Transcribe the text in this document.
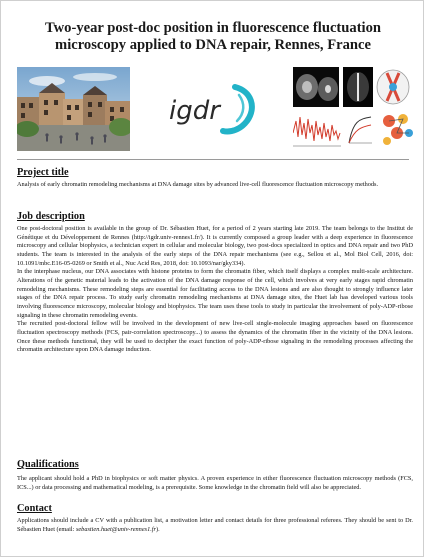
Two-year post-doc position in fluorescence fluctuation
microscopy applied to DNA repair, Rennes, France
igdr
Project title

Analysis of early chromatin remodeling mechanisms at DNA damage sites by advanced live-cell fluorescence fluctuation microscopy methods.

Job description

One post-doctoral position is available in the group of Dr. Sébastien Huet, for a period of 2 years starting late 2019. The team belongs to the Institut de Génétique et du Développement de Rennes (http://igdr.univ-rennes1.fr/). It is currently composed a group leader with a deep experience in fluorescence microscopy and cellular biophysics, a technician expert in cellular and molecular biology, two post-docs specialized in optics and DNA repair and two PhD students. The team is interested in the analysis of the early steps of the DNA repair mechanisms (see e.g., Sellou et al., Mol Biol Cell, 2016, doi: 10.1091/mbc.E16-05-0269 or Smith et al., Nuc Acid Res, 2018, doi: 10.1093/nar/gky334).

In the interphase nucleus, our DNA associates with histone proteins to form the chromatin fiber, which itself displays a complex multi-scale architecture. Alterations of the genetic material leads to the activation of the DNA damage response of the cell, which involves at very early stages rapid chromatin remodeling mechanisms. These remodeling steps are essential for facilitating access to the DNA lesions and are also thought to strongly influence later stages of the DNA repair process. To study early chromatin remodeling mechanisms at DNA damage sites, the Huet lab has developed various tools involving fluorescence microscopy, molecular biology and biophysics. The team uses these tools to study in particular the involvement of poly-ADP-ribose signaling in these chromatin remodeling events.

The recruited post-doctoral fellow will be involved in the development of new live-cell single-molecule imaging approaches based on fluorescence fluctuation spectroscopy methods (FCS, pair-correlation spectroscopy...) to assess the dynamics of the chromatin fiber in the vicinity of the DNA lesions. Once these methods functional, they will be used to decipher the exact function of poly-ADP-ribose signaling in the remodeling processes affecting the chromatin architecture upon DNA damage induction.

Qualifications

The applicant should hold a PhD in biophysics or soft matter physics. A proven experience in either fluorescence fluctuation microscopy methods (FCS, ICS...) or data processing and mathematical modeling, is a prerequisite. Some knowledge in the chromatin field will also be appreciated.

Contact

Applications should include a CV with a publication list, a motivation letter and contact details for three professional referees. They should be sent to Dr. Sébastien Huet (email: sebastien.huet@univ-rennes1.fr).
